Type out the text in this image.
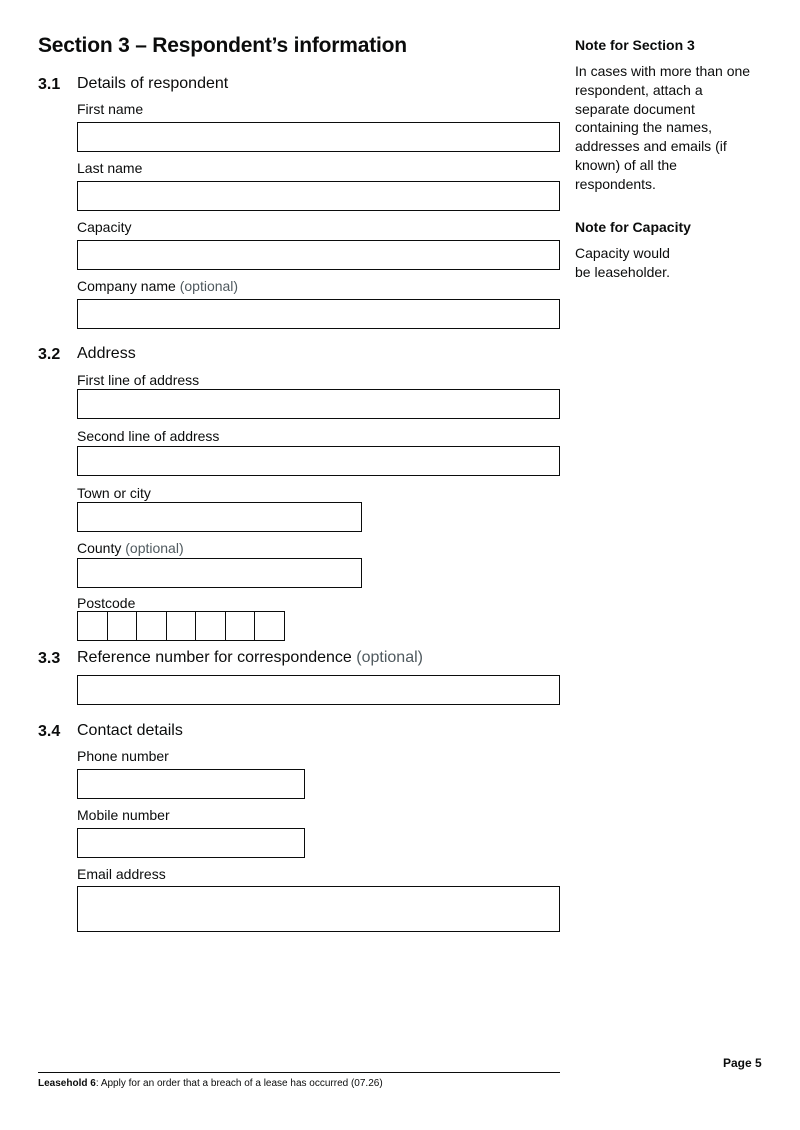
Section 3 – Respondent’s information
3.1 Details of respondent
First name
Last name
Capacity
Company name (optional)
3.2 Address
First line of address
Second line of address
Town or city
County (optional)
Postcode
3.3 Reference number for correspondence (optional)
3.4 Contact details
Phone number
Mobile number
Email address
Note for Section 3
In cases with more than one respondent, attach a separate document containing the names, addresses and emails (if known) of all the respondents.
Note for Capacity
Capacity would be leaseholder.
Page 5
Leasehold 6: Apply for an order that a breach of a lease has occurred (07.26)
